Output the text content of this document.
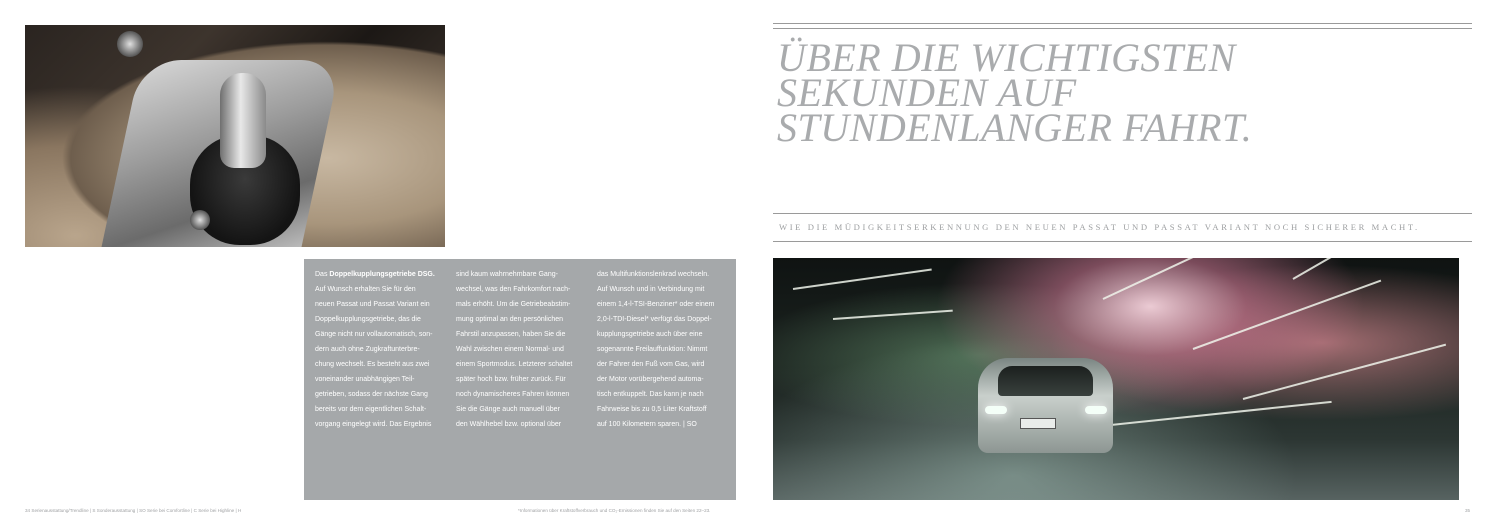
Das Doppelkupplungsgetriebe DSG.
Auf Wunsch erhalten Sie für den
neuen Passat und Passat Variant ein
Doppelkupplungsgetriebe, das die
Gänge nicht nur vollautomatisch, son-
dern auch ohne Zugkraftunterbre-
chung wechselt. Es besteht aus zwei
voneinander unabhängigen Teil-
getrieben, sodass der nächste Gang
bereits vor dem eigentlichen Schalt-
vorgang eingelegt wird. Das Ergebnis
sind kaum wahrnehmbare Gang-
wechsel, was den Fahrkomfort nach-
mals erhöht. Um die Getriebeabstim-
mung optimal an den persönlichen
Fahrstil anzupassen, haben Sie die
Wahl zwischen einem Normal- und
einem Sportmodus. Letzterer schaltet
später hoch bzw. früher zurück. Für
noch dynamischeres Fahren können
Sie die Gänge auch manuell über
den Wählhebel bzw. optional über
das Multifunktionslenkrad wechseln.
Auf Wunsch und in Verbindung mit
einem 1,4-l-TSI-Benziner* oder einem
2,0-l-TDI-Diesel* verfügt das Doppel-
kupplungsgetriebe auch über eine
sogenannte Freilauffunktion: Nimmt
der Fahrer den Fuß vom Gas, wird
der Motor vorübergehend automa-
tisch entkuppelt. Das kann je nach
Fahrweise bis zu 0,5 Liter Kraftstoff
auf 100 Kilometern sparen. | SO
ÜBER DIE WICHTIGSTEN
SEKUNDEN AUF
STUNDENLANGER FAHRT.

WIE DIE MÜDIGKEITSERKENNUNG DEN NEUEN PASSAT UND PASSAT VARIANT NOCH SICHERER MACHT.

34 Serienausstattung/Trendline | S Sonderausstattung | SO Serie bei Comfortline | C Serie bei Highline | H	*Informationen über Kraftstoffverbrauch und CO₂-Emissionen finden Sie auf den Seiten 22–23.	35
